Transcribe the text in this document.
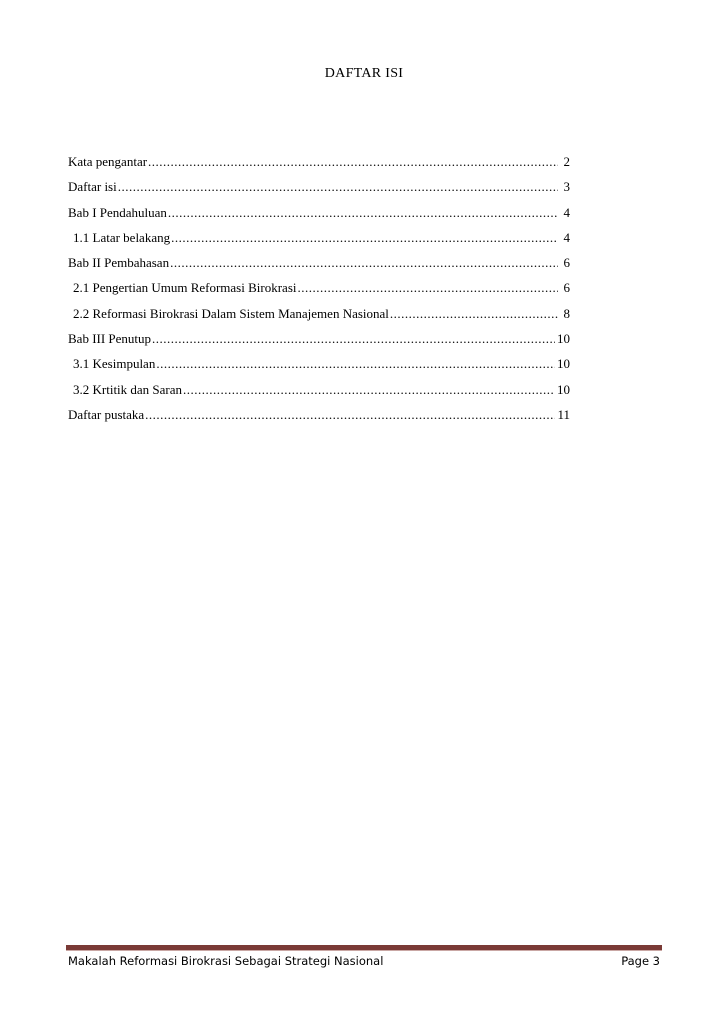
DAFTAR ISI
Kata pengantar .....	2
Daftar isi .....	3
Bab I Pendahuluan .....	4
1.1 Latar belakang .....	4
Bab II Pembahasan .....	6
2.1 Pengertian Umum Reformasi Birokrasi .....	6
2.2 Reformasi Birokrasi Dalam Sistem Manajemen Nasional .....	8
Bab III Penutup .....	10
3.1 Kesimpulan .....	10
3.2 Krtitik dan Saran .....	10
Daftar pustaka .....	11
Makalah Reformasi Birokrasi Sebagai Strategi Nasional	Page 3
